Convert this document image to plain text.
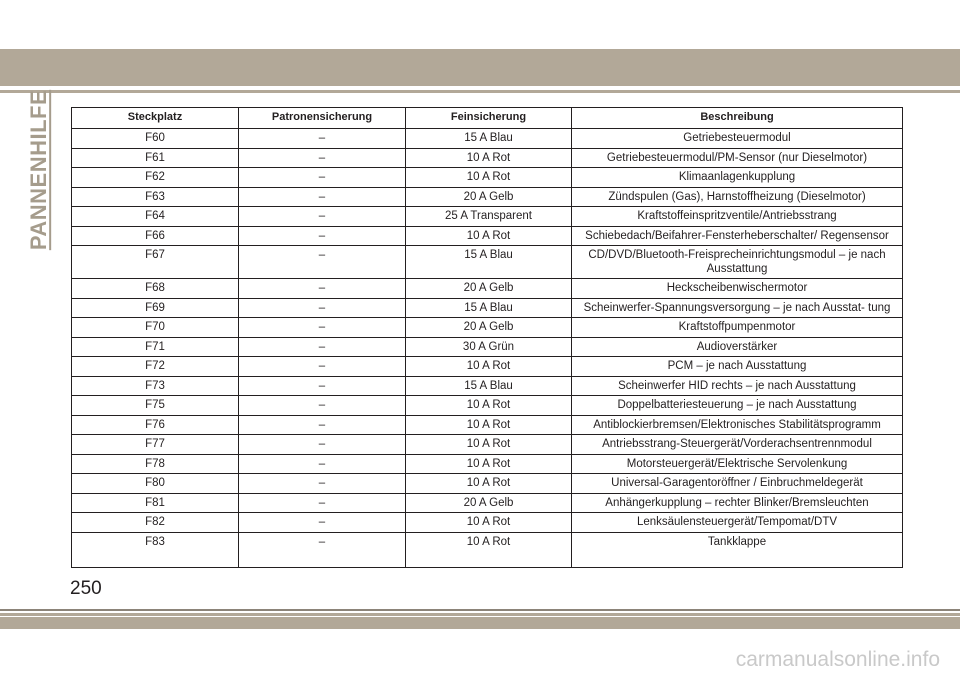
PANNENHILFE	Steckplatz	Patronensicherung	Feinsicherung	Beschreibung
F60	–	15 A Blau	Getriebesteuermodul
F61	–	10 A Rot	Getriebesteuermodul/PM-Sensor (nur Dieselmotor)
F62	–	10 A Rot	Klimaanlagenkupplung
F63	–	20 A Gelb	Zündspulen (Gas), Harnstoffheizung (Dieselmotor)
F64	–	25 A Transparent	Kraftstoffeinspritzventile/Antriebsstrang
F66	–	10 A Rot	Schiebedach/Beifahrer-Fensterheberschalter/ Regensensor
F67	–	15 A Blau	CD/DVD/Bluetooth-Freisprecheinrichtungsmodul – je nach Ausstattung
F68	–	20 A Gelb	Heckscheibenwischermotor
F69	–	15 A Blau	Scheinwerfer-Spannungsversorgung – je nach Ausstat- tung
F70	–	20 A Gelb	Kraftstoffpumpenmotor
F71	–	30 A Grün	Audioverstärker
F72	–	10 A Rot	PCM – je nach Ausstattung
F73	–	15 A Blau	Scheinwerfer HID rechts – je nach Ausstattung
F75	–	10 A Rot	Doppelbatteriesteuerung – je nach Ausstattung
F76	–	10 A Rot	Antiblockierbremsen/Elektronisches Stabilitätsprogramm
F77	–	10 A Rot	Antriebsstrang-Steuergerät/Vorderachsentrennmodul
F78	–	10 A Rot	Motorsteuergerät/Elektrische Servolenkung
F80	–	10 A Rot	Universal-Garagentoröffner / Einbruchmeldegerät
F81	–	20 A Gelb	Anhängerkupplung – rechter Blinker/Bremsleuchten
F82	–	10 A Rot	Lenksäulensteuergerät/Tempomat/DTV
F83	–	10 A Rot	Tankklappe
250
carmanualsonline.info
